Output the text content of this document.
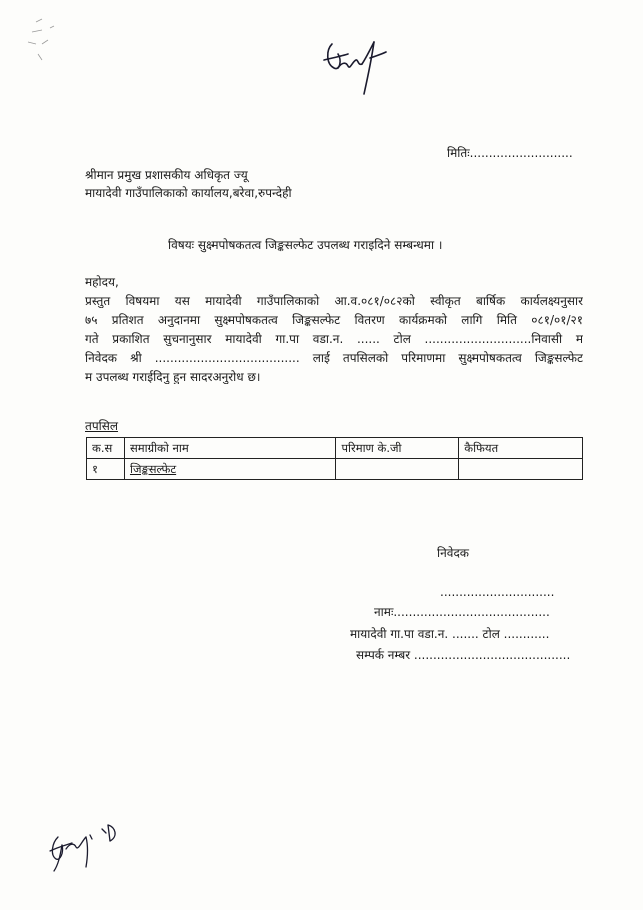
मितिः...........................
श्रीमान प्रमुख प्रशासकीय अधिकृत ज्यू
मायादेवी गाउँपालिकाको कार्यालय,बरेवा,रुपन्देही
विषयः सुक्ष्मपोषकतत्व जिङ्कसल्फेट उपलब्ध गराइदिने सम्बन्धमा ।
महोदय,
प्रस्तुत विषयमा यस मायादेवी गाउँपालिकाको आ.व.०८१/०८२को स्वीकृत बार्षिक कार्यलक्ष्यनुसार
७५ प्रतिशत अनुदानमा सुक्ष्मपोषकतत्व जिङ्कसल्फेट वितरण कार्यक्रमको लागि मिति ०८१/०१/२१
गते प्रकाशित सुचनानुसार मायादेवी गा.पा वडा.न. ...... टोल ............................निवासी म
निवेदक श्री ...................................... लाई तपसिलको परिमाणमा सुक्ष्मपोषकतत्व जिङ्कसल्फेट
म उपलब्ध गराईदिनु हुन सादरअनुरोध छ।
तपसिल
क.स	समाग्रीको नाम	परिमाण के.जी	कैफियत
१	जिङ्कसल्फेट		
निवेदक
..............................
नामः.........................................
मायादेवी गा.पा वडा.न. ....... टोल ............
सम्पर्क नम्बर .........................................
